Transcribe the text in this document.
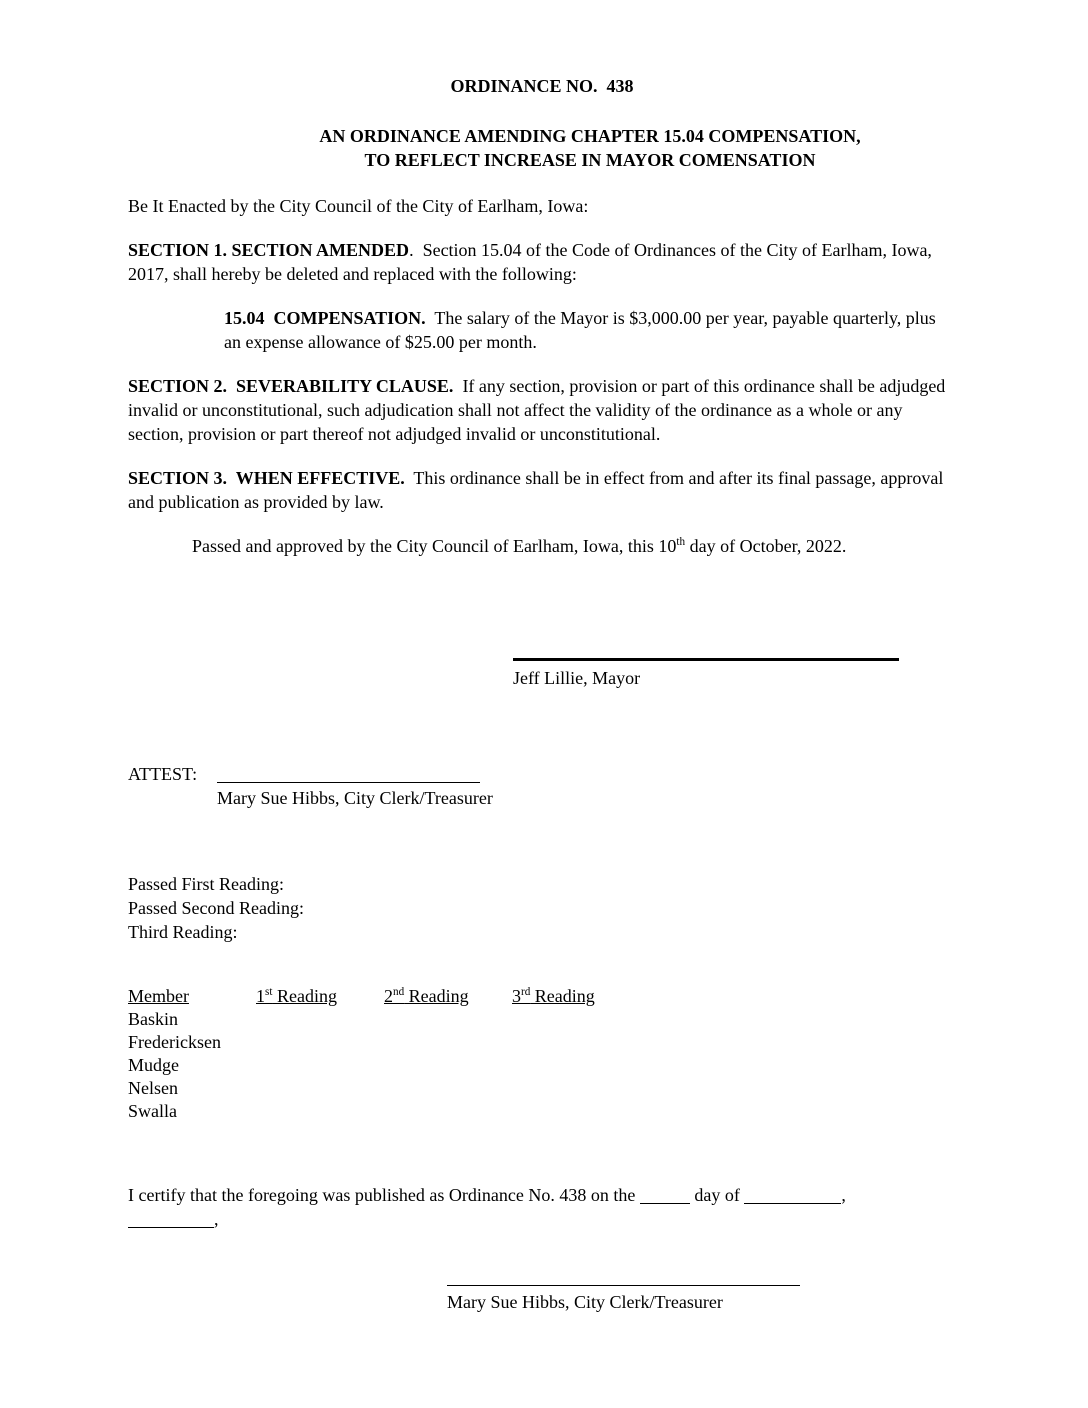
ORDINANCE NO.  438
AN ORDINANCE AMENDING CHAPTER 15.04 COMPENSATION,
TO REFLECT INCREASE IN MAYOR COMENSATION

Be It Enacted by the City Council of the City of Earlham, Iowa:

SECTION 1. SECTION AMENDED.  Section 15.04 of the Code of Ordinances of the City of Earlham, Iowa, 2017, shall hereby be deleted and replaced with the following:

15.04  COMPENSATION.  The salary of the Mayor is $3,000.00 per year, payable quarterly, plus an expense allowance of $25.00 per month.

SECTION 2.  SEVERABILITY CLAUSE.  If any section, provision or part of this ordinance shall be adjudged invalid or unconstitutional, such adjudication shall not affect the validity of the ordinance as a whole or any section, provision or part thereof not adjudged invalid or unconstitutional.

SECTION 3.  WHEN EFFECTIVE.  This ordinance shall be in effect from and after its final passage, approval and publication as provided by law.

Passed and approved by the City Council of Earlham, Iowa, this 10th day of October, 2022.

Jeff Lillie, Mayor
ATTEST:
Mary Sue Hibbs, City Clerk/Treasurer
Passed First Reading:
Passed Second Reading:
Third Reading:
Member	1st Reading	2nd Reading 3rd Reading
Baskin
Fredericksen
Mudge
Nelsen
Swalla

I certify that the foregoing was published as Ordinance No. 438 on the	day of	,
,

Mary Sue Hibbs, City Clerk/Treasurer
